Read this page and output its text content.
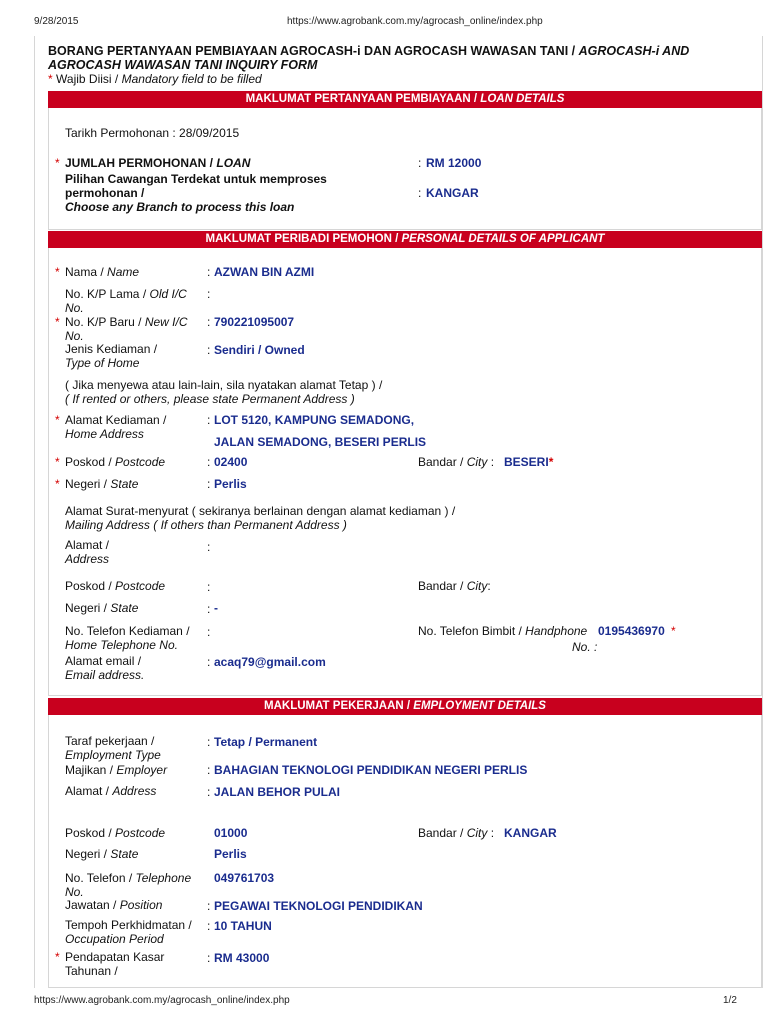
9/28/2015	https://www.agrobank.com.my/agrocash_online/index.php
BORANG PERTANYAAN PEMBIAYAAN AGROCASH-i DAN AGROCASH WAWASAN TANI / AGROCASH-i AND AGROCASH WAWASAN TANI INQUIRY FORM
* Wajib Diisi / Mandatory field to be filled
MAKLUMAT PERTANYAAN PEMBIAYAAN / LOAN DETAILS
Tarikh Permohonan : 28/09/2015
* JUMLAH PERMOHONAN / LOAN	: RM 12000
Pilihan Cawangan Terdekat untuk memproses
permohonan /
Choose any Branch to process this loan
: KANGAR
MAKLUMAT PERIBADI PEMOHON / PERSONAL DETAILS OF APPLICANT
* Nama / Name	: AZWAN BIN AZMI
No. K/P Lama / Old I/C
No.
:
* No. K/P Baru / New I/C
No.
: 790221095007
Jenis Kediaman /
Type of Home
: Sendiri / Owned
( Jika menyewa atau lain-lain, sila nyatakan alamat Tetap ) /
( If rented or others, please state Permanent Address )
* Alamat Kediaman /
Home Address
: LOT 5120, KAMPUNG SEMADONG,
JALAN SEMADONG, BESERI PERLIS
* Poskod / Postcode	: 02400	Bandar / City : BESERI*
* Negeri / State	: Perlis
Alamat Surat-menyurat ( sekiranya berlainan dengan alamat kediaman ) /
Mailing Address ( If others than Permanent Address )
Alamat /
Address
:
Poskod / Postcode	:	Bandar / City:
Negeri / State	: -
No. Telefon Kediaman /
Home Telephone No.
:	No. Telefon Bimbit / Handphone
No. :
0195436970 *
Alamat email /
Email address.
: acaq79@gmail.com
MAKLUMAT PEKERJAAN / EMPLOYMENT DETAILS
Taraf pekerjaan /
Employment Type
: Tetap / Permanent
Majikan / Employer	: BAHAGIAN TEKNOLOGI PENDIDIKAN NEGERI PERLIS
Alamat / Address	: JALAN BEHOR PULAI
Poskod / Postcode	01000	Bandar / City : KANGAR
Negeri / State	Perlis
No. Telefon / Telephone
No.
049761703
Jawatan / Position	: PEGAWAI TEKNOLOGI PENDIDIKAN
Tempoh Perkhidmatan /
Occupation Period
: 10 TAHUN
* Pendapatan Kasar
Tahunan /
: RM 43000
https://www.agrobank.com.my/agrocash_online/index.php	1/2
